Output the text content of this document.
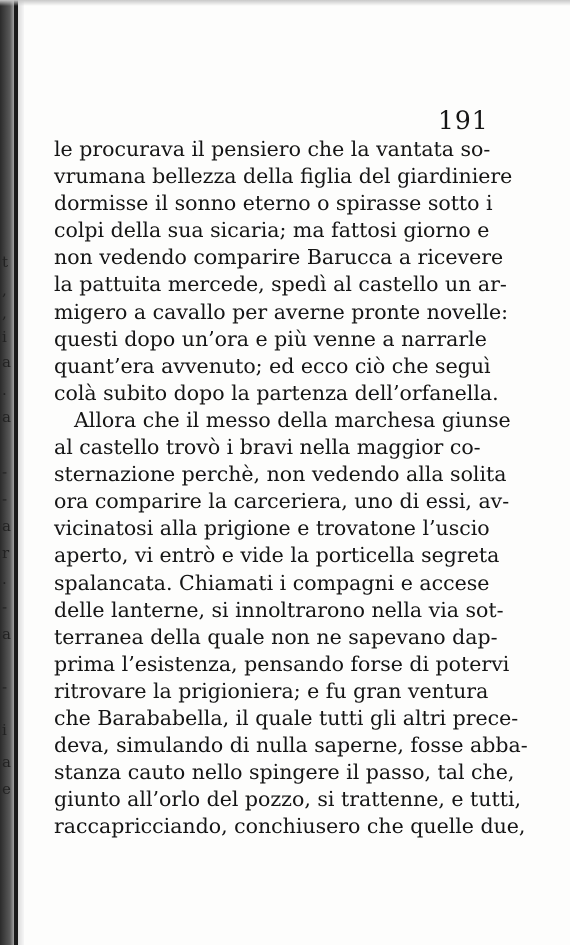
t
,
,
i
a
.
a
-
-
a
r
.
-
a
-
i
a
e
191
le procurava il pensiero che la vantata so-
vrumana bellezza della figlia del giardiniere
dormisse il sonno eterno o spirasse sotto i
colpi della sua sicaria; ma fattosi giorno e
non vedendo comparire Barucca a ricevere
la pattuita mercede, spedì al castello un ar-
migero a cavallo per averne pronte novelle:
questi dopo un’ora e più venne a narrarle
quant’era avvenuto; ed ecco ciò che seguì
colà subito dopo la partenza dell’orfanella.
Allora che il messo della marchesa giunse
al castello trovò i bravi nella maggior co-
sternazione perchè, non vedendo alla solita
ora comparire la carceriera, uno di essi, av-
vicinatosi alla prigione e trovatone l’uscio
aperto, vi entrò e vide la porticella segreta
spalancata. Chiamati i compagni e accese
delle lanterne, si innoltrarono nella via sot-
terranea della quale non ne sapevano dap-
prima l’esistenza, pensando forse di potervi
ritrovare la prigioniera; e fu gran ventura
che Barababella, il quale tutti gli altri prece-
deva, simulando di nulla saperne, fosse abba-
stanza cauto nello spingere il passo, tal che,
giunto all’orlo del pozzo, si trattenne, e tutti,
raccapricciando, conchiusero che quelle due,
